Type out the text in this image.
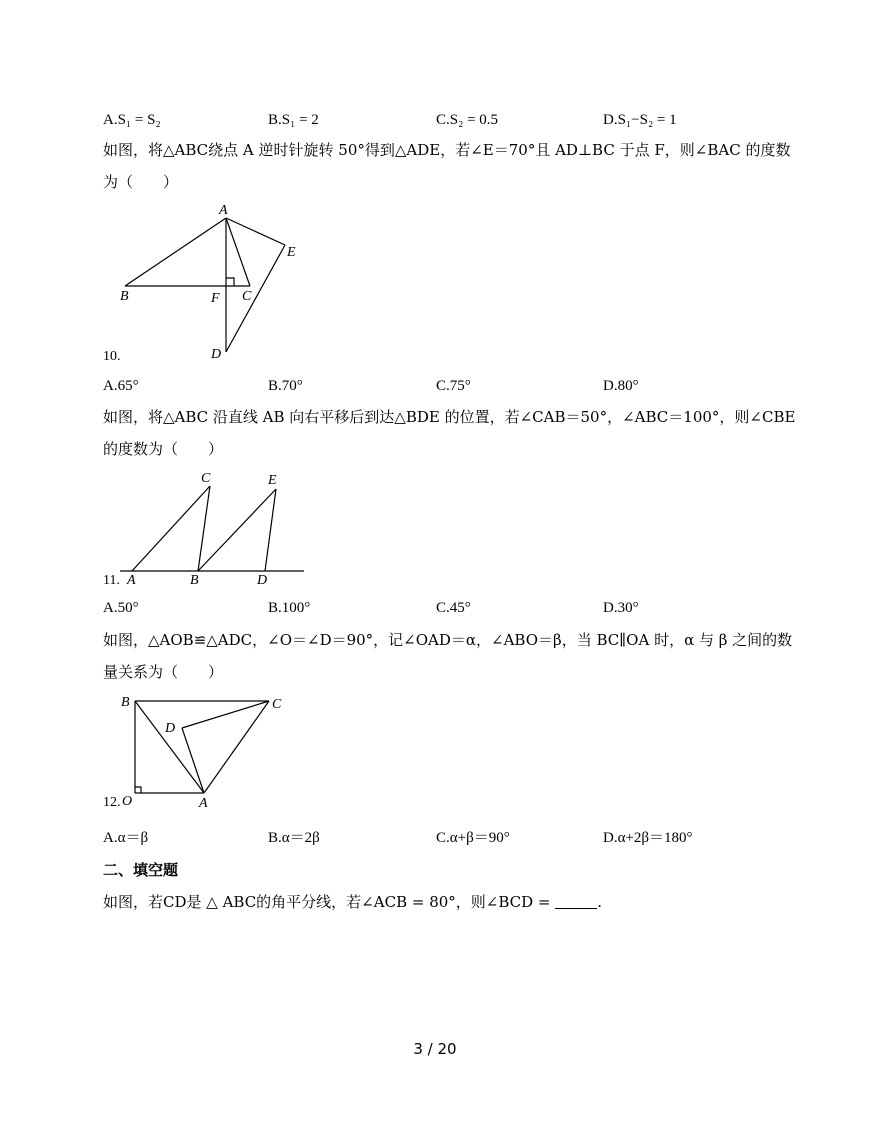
A.S₁ = S₂	B.S₁ = 2	C.S₂ = 0.5	D.S₁−S₂ = 1
如图，将△ABC绕点 A 逆时针旋转 50°得到△ADE，若∠E＝70°且 AD⊥BC 于点 F，则∠BAC 的度数
为（　　）
A
B	C
E
F
D
10.
A.65°	B.70°	C.75°	D.80°
如图，将△ABC 沿直线 AB 向右平移后到达△BDE 的位置，若∠CAB＝50°，∠ABC＝100°，则∠CBE
的度数为（　　）
C	E
A	B	D
11.
A.50°	B.100°	C.45°	D.30°
如图，△AOB≌△ADC，∠O＝∠D＝90°，记∠OAD＝α，∠ABO＝β，当 BC∥OA 时，α 与 β 之间的数
量关系为（　　）
B	C
D
O	A
12.
A.α＝β	B.α＝2β	C.α+β＝90°	D.α+2β＝180°
二、填空题
如图，若CD是 △ ABC的角平分线，若∠ACB = 80°，则∠BCD =	.
3 / 20
